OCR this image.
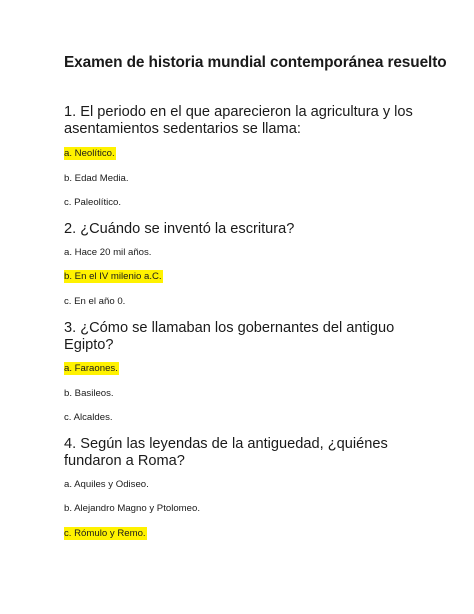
Examen de historia mundial contemporánea resuelto
1. El periodo en el que aparecieron la agricultura y los asentamientos sedentarios se llama:
a. Neolítico.
b. Edad Media.
c. Paleolítico.
2. ¿Cuándo se inventó la escritura?
a. Hace 20 mil años.
b. En el IV milenio a.C.
c. En el año 0.
3. ¿Cómo se llamaban los gobernantes del antiguo Egipto?
a. Faraones.
b. Basileos.
c. Alcaldes.
4. Según las leyendas de la antiguedad, ¿quiénes fundaron a Roma?
a. Aquiles y Odiseo.
b. Alejandro Magno y Ptolomeo.
c. Rómulo y Remo.
